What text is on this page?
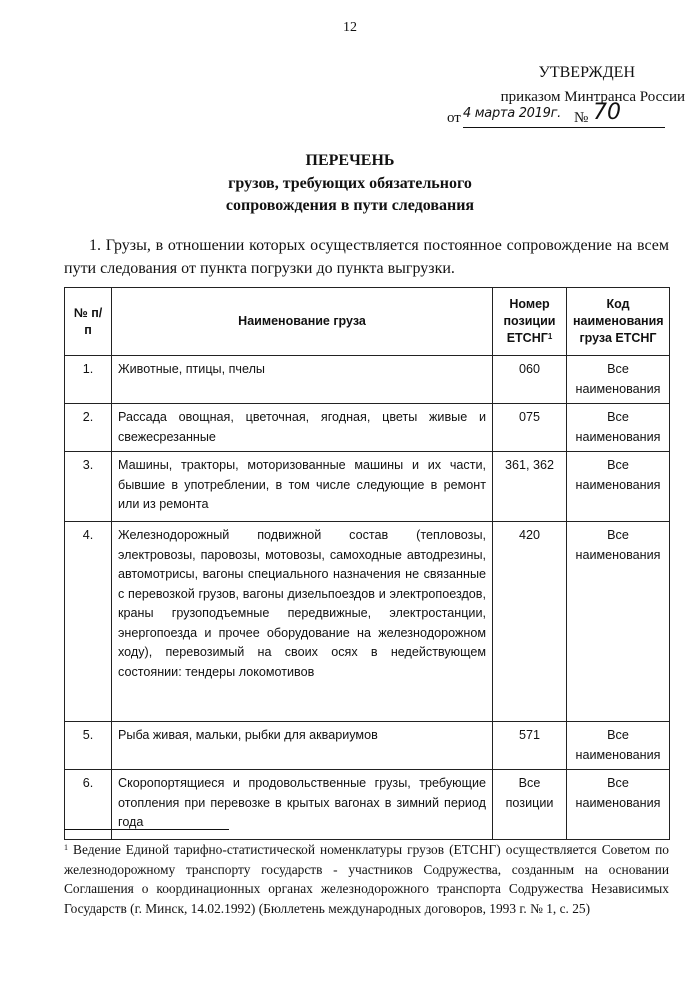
12
УТВЕРЖДЕН
приказом Минтранса России
от 4 марта 2019г. № 70
ПЕРЕЧЕНЬ
грузов, требующих обязательного
сопровождения в пути следования
1. Грузы, в отношении которых осуществляется постоянное сопровождение на всем пути следования от пункта погрузки до пункта выгрузки.
№ п/п	Наименование груза	Номер позиции ЕТСНГ$^1$	Код наименования груза ЕТСНГ
1.	Животные, птицы, пчелы	060	Все наименования
2.	Рассада овощная, цветочная, ягодная, цветы живые и свежесрезанные	075	Все наименования
3.	Машины, тракторы, моторизованные машины и их части, бывшие в употреблении, в том числе следующие в ремонт или из ремонта	361, 362	Все наименования
4.	Железнодорожный подвижной состав (тепловозы, электровозы, паровозы, мотовозы, самоходные автодрезины, автомотрисы, вагоны специального назначения не связанные с перевозкой грузов, вагоны дизельпоездов и электропоездов, краны грузоподъемные передвижные, электростанции, энергопоезда и прочее оборудование на железнодорожном ходу), перевозимый на своих осях в недействующем состоянии: тендеры локомотивов	420	Все наименования
5.	Рыба живая, мальки, рыбки для аквариумов	571	Все наименования
6.	Скоропортящиеся и продовольственные грузы, требующие отопления при перевозке в крытых вагонах в зимний период года	Все позиции	Все наименования
$^1$ Ведение Единой тарифно-статистической номенклатуры грузов (ЕТСНГ) осуществляется Советом по железнодорожному транспорту государств - участников Содружества, созданным на основании Соглашения о координационных органах железнодорожного транспорта Содружества Независимых Государств (г. Минск, 14.02.1992) (Бюллетень международных договоров, 1993 г. № 1, с. 25)
